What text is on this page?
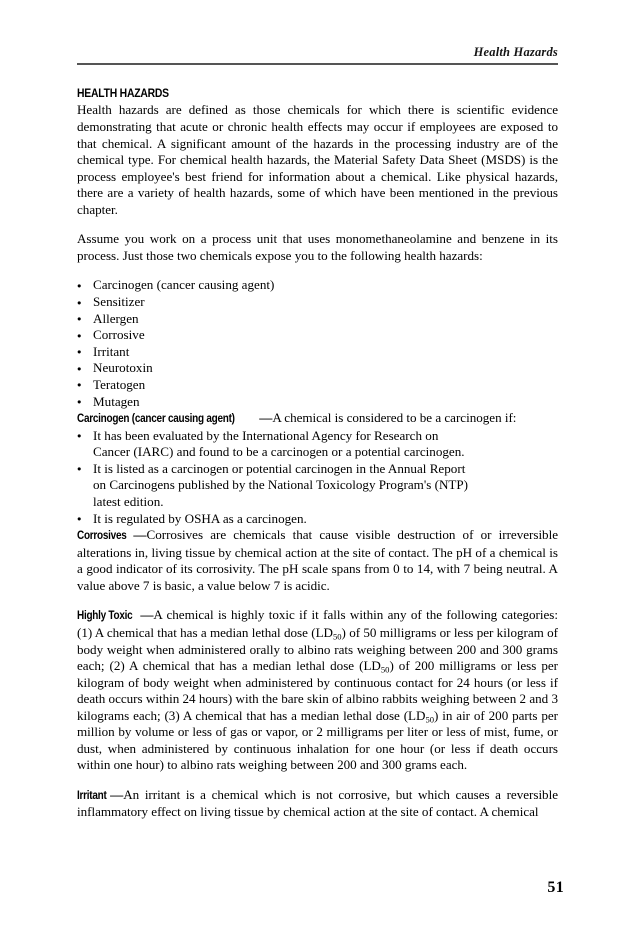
Health Hazards
HEALTH HAZARDS

Health hazards are defined as those chemicals for which there is scientific evidence demonstrating that acute or chronic health effects may occur if employees are exposed to that chemical. A significant amount of the hazards in the processing industry are of the chemical type. For chemical health hazards, the Material Safety Data Sheet (MSDS) is the process employee's best friend for information about a chemical. Like physical hazards, there are a variety of health hazards, some of which have been mentioned in the previous chapter.

Assume you work on a process unit that uses monomethaneolamine and benzene in its process. Just those two chemicals expose you to the following health hazards:

● Carcinogen (cancer causing agent)
● Sensitizer
● Allergen
● Corrosive
● Irritant
● Neurotoxin
● Teratogen
● Mutagen

Carcinogen (cancer causing agent) —A chemical is considered to be a carcinogen if:

● It has been evaluated by the International Agency for Research on Cancer (IARC) and found to be a carcinogen or a potential carcinogen.
● It is listed as a carcinogen or potential carcinogen in the Annual Report on Carcinogens published by the National Toxicology Program's (NTP) latest edition.
● It is regulated by OSHA as a carcinogen.

Corrosives —Corrosives are chemicals that cause visible destruction of or irreversible alterations in, living tissue by chemical action at the site of contact. The pH of a chemical is a good indicator of its corrosivity. The pH scale spans from 0 to 14, with 7 being neutral. A value above 7 is basic, a value below 7 is acidic.

Highly Toxic —A chemical is highly toxic if it falls within any of the following categories: (1) A chemical that has a median lethal dose $(LD_{50})$ of 50 milligrams or less per kilogram of body weight when administered orally to albino rats weighing between 200 and 300 grams each; (2) A chemical that has a median lethal dose $(LD_{50})$ of 200 milligrams or less per kilogram of body weight when administered by continuous contact for 24 hours (or less if death occurs within 24 hours) with the bare skin of albino rabbits weighing between 2 and 3 kilograms each; (3) A chemical that has a median lethal dose $(LD_{50})$ in air of 200 parts per million by volume or less of gas or vapor, or 2 milligrams per liter or less of mist, fume, or dust, when administered by continuous inhalation for one hour (or less if death occurs within one hour) to albino rats weighing between 200 and 300 grams each.

Irritant —An irritant is a chemical which is not corrosive, but which causes a reversible inflammatory effect on living tissue by chemical action at the site of contact. A chemical

51
